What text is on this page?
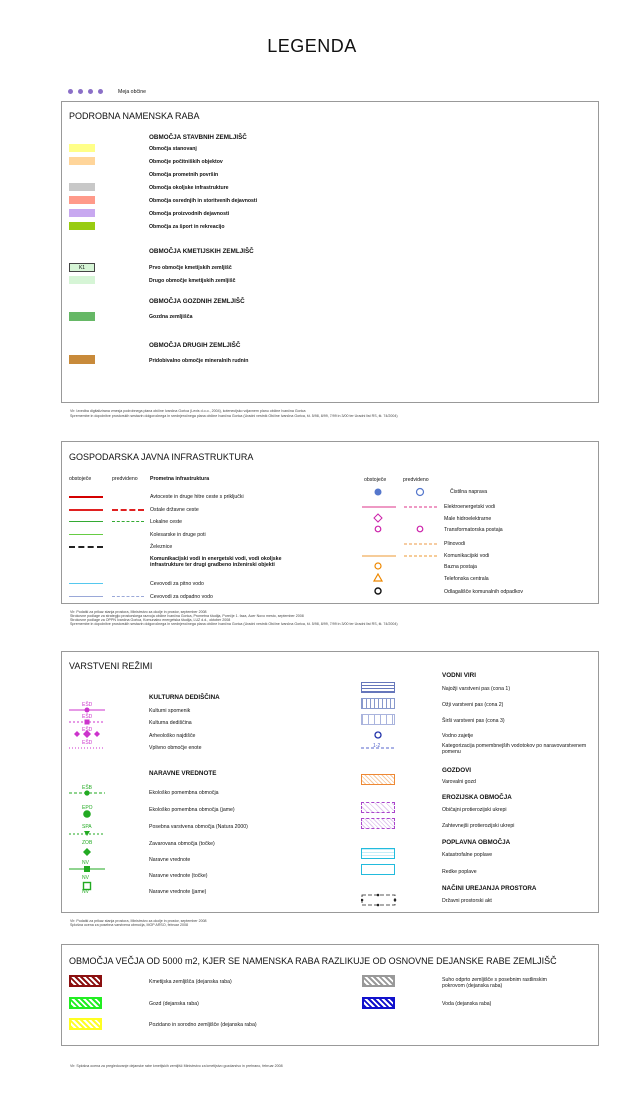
LEGENDA
Meja občine
PODROBNA NAMENSKA RABA
OBMOČJA STAVBNIH ZEMLJIŠČ
Območja stanovanj
Območje počitniških objektov
Območja prometnih površin
Območja okoljske infrastrukture
Območja osrednjih in storitvenih dejavnosti
Območja proizvodnih dejavnosti
Območja za šport in rekreacijo
OBMOČJA KMETIJSKIH ZEMLJIŠČ
K1	Prvo območje kmetijskih zemljišč
Drugo območje kmetijskih zemljišč
OBMOČJA GOZDNIH ZEMLJIŠČ
Gozdna zemljišča
OBMOČJA DRUGIH ZEMLJIŠČ
Pridobivalno območje mineralnih rudnin
Vir: Izvedba digitalizirana vmesja podrobnega plana občine Ivančna Gorica (Lexis d.o.o., 2004), kotenecijsko vdjavnem planu občine Ivančna Gorica
Spremembe in dopolnitve prostorskih sestavin dolgoročnega in srednjeročnega plana občine Ivančna Gorica (Uradni vestnik Občine Ivančna Gorica, št. 5/98, 8/99, 7/99 in 3/00 ter Uradni list RS, št. 74/2004)
GOSPODARSKA JAVNA INFRASTRUKTURA
obstoječe	predvideno Prometna infrastruktura
Avtoceste in druge hitre ceste s priključki
Ostale državne ceste
Lokalne ceste
Kolesarske in druge poti
Železnice
Komunikacijski vodi in energetski vodi, vodi okoljske infrastrukture ter drugi gradbeno inženirski objekti
Cevovodi za pitno vodo
Cevovodi za odpadno vodo
obstoječe	predvideno
Čistilna naprava
Elektroenergetski vodi
Male hidroelektrarne
Transformatorska postaja
Plinovodi
Komunikacijski vodi
Bazna postaja
Telefonska centrala
Odlagališče komunalnih odpadkov
Vir: Podatki za prikaz stanja prostora, Ministrstvo za okolje in prostor, september 2008
Strokovne podlage za strategijo prostorskega razvoja občine Ivančna Gorica, Prometna študija, Porečje 1. faza, Acer Novo mesto, september 2008
Strokovne podlage za OPPN Ivančna Gorica, Komunalno energetska študija, LUZ d.d., oktober 2008
Spremembe in dopolnitve prostorskih sestavin dolgoročnega in srednjeročnega plana občine Ivančna Gorica (Uradni vestnik Občine Ivančna Gorica, št. 5/98, 8/99, 7/99 in 3/00 ter Uradni list RS, št. 74/2004)
VARSTVENI REŽIMI
KULTURNA DEDIŠČINA
EŠD
EŠD
EŠD
EŠD
Kulturni spomenik
Kulturna dediščina
Arheološko najdišče
Vplivno območje enote
NARAVNE VREDNOTE
EŠB
EPO
SPA
ZOB
NV
NV
NV
Ekološko pomembna območja
Ekološko pomembna območja (jame)
Posebna varstvena območja (Natura 2000)
Zavarovana območja (točke)
Naravne vrednote
Naravne vrednote (točke)
Naravne vrednote (jame)
VODNI VIRI
Najožji varstveni pas (cona 1)
Ožji varstveni pas (cona 2)
Širši varstveni pas (cona 3)
1-2
Vodno zajetje
Kategorizacija pomembnejših vodotokov po naravovarstvenem pomenu
GOZDOVI
Varovalni gozd
EROZIJSKA OBMOČJA
Običajni protierozijski ukrepi
Zahtevnejši protierozijski ukrepi
POPLAVNA OBMOČJA
Katastrofalne poplave
Redke poplave
NAČINI UREJANJA PROSTORA
Državni prostorski akt
Vir: Podatki za prikaz stanja prostora, Ministrstvo za okolje in prostor, september 2008
Splošna ocena za posebna varstvena območja, MOP ARSO, februar 2008
OBMOČJA VEČJA OD 5000 m2, KJER SE NAMENSKA RABA RAZLIKUJE OD OSNOVNE DEJANSKE RABE ZEMLJIŠČ
Kmetijska zemljišča (dejanska raba)
Gozd (dejanska raba)
Pozidano in sorodno zemljišče (dejanska raba)
Suho odprto zemljišče s posebnim rastlinskim pokrovom (dejanska raba)
Voda (dejanska raba)
Vir: Splošna ocena za pregledovanje dejanske rabe kmetijskih zemljišč Ministrstvo za kmetijstvo gozdarstvo in prehrano, februar 2008
